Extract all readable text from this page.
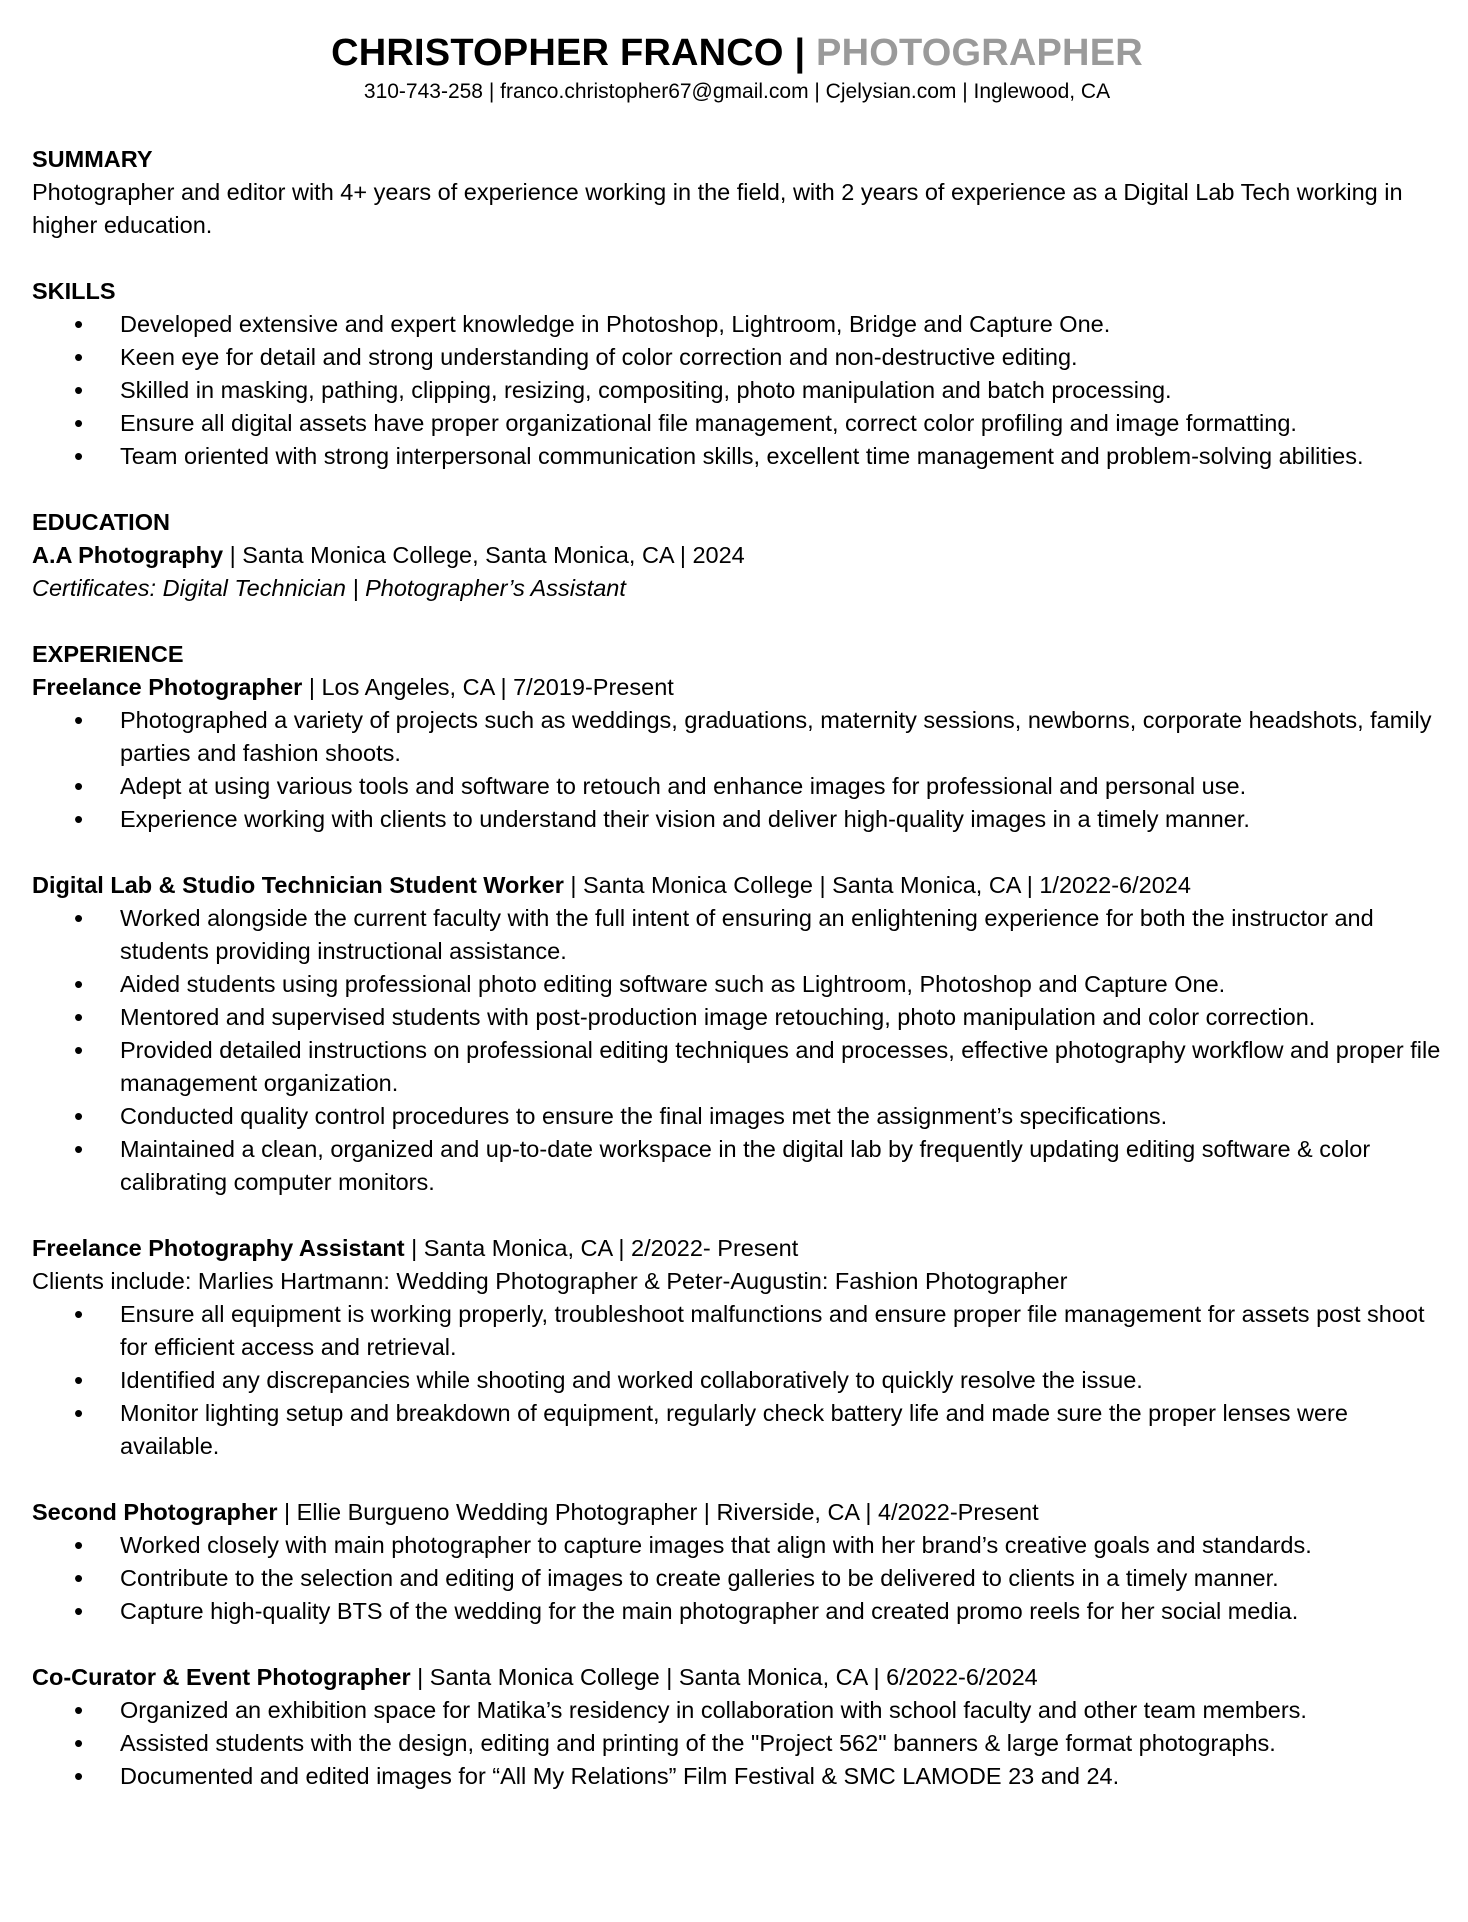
CHRISTOPHER FRANCO | PHOTOGRAPHER
310-743-258 | franco.christopher67@gmail.com | Cjelysian.com | Inglewood, CA
SUMMARY
Photographer and editor with 4+ years of experience working in the field, with 2 years of experience as a Digital Lab Tech working in higher education.
SKILLS
• Developed extensive and expert knowledge in Photoshop, Lightroom, Bridge and Capture One.
• Keen eye for detail and strong understanding of color correction and non-destructive editing.
• Skilled in masking, pathing, clipping, resizing, compositing, photo manipulation and batch processing.
• Ensure all digital assets have proper organizational file management, correct color profiling and image formatting.
• Team oriented with strong interpersonal communication skills, excellent time management and problem-solving abilities.
EDUCATION
A.A Photography | Santa Monica College, Santa Monica, CA | 2024
Certificates: Digital Technician | Photographer’s Assistant
EXPERIENCE
Freelance Photographer | Los Angeles, CA | 7/2019-Present
• Photographed a variety of projects such as weddings, graduations, maternity sessions, newborns, corporate headshots, family parties and fashion shoots.
• Adept at using various tools and software to retouch and enhance images for professional and personal use.
• Experience working with clients to understand their vision and deliver high-quality images in a timely manner.
Digital Lab & Studio Technician Student Worker | Santa Monica College | Santa Monica, CA | 1/2022-6/2024
• Worked alongside the current faculty with the full intent of ensuring an enlightening experience for both the instructor and students providing instructional assistance.
• Aided students using professional photo editing software such as Lightroom, Photoshop and Capture One.
• Mentored and supervised students with post-production image retouching, photo manipulation and color correction.
• Provided detailed instructions on professional editing techniques and processes, effective photography workflow and proper file management organization.
• Conducted quality control procedures to ensure the final images met the assignment’s specifications.
• Maintained a clean, organized and up-to-date workspace in the digital lab by frequently updating editing software & color calibrating computer monitors.
Freelance Photography Assistant | Santa Monica, CA | 2/2022- Present
Clients include: Marlies Hartmann: Wedding Photographer & Peter-Augustin: Fashion Photographer
• Ensure all equipment is working properly, troubleshoot malfunctions and ensure proper file management for assets post shoot for efficient access and retrieval.
• Identified any discrepancies while shooting and worked collaboratively to quickly resolve the issue.
• Monitor lighting setup and breakdown of equipment, regularly check battery life and made sure the proper lenses were available.
Second Photographer | Ellie Burgueno Wedding Photographer | Riverside, CA | 4/2022-Present
• Worked closely with main photographer to capture images that align with her brand’s creative goals and standards.
• Contribute to the selection and editing of images to create galleries to be delivered to clients in a timely manner.
• Capture high-quality BTS of the wedding for the main photographer and created promo reels for her social media.
Co-Curator & Event Photographer | Santa Monica College | Santa Monica, CA | 6/2022-6/2024
• Organized an exhibition space for Matika’s residency in collaboration with school faculty and other team members.
• Assisted students with the design, editing and printing of the "Project 562" banners & large format photographs.
• Documented and edited images for “All My Relations” Film Festival & SMC LAMODE 23 and 24.
